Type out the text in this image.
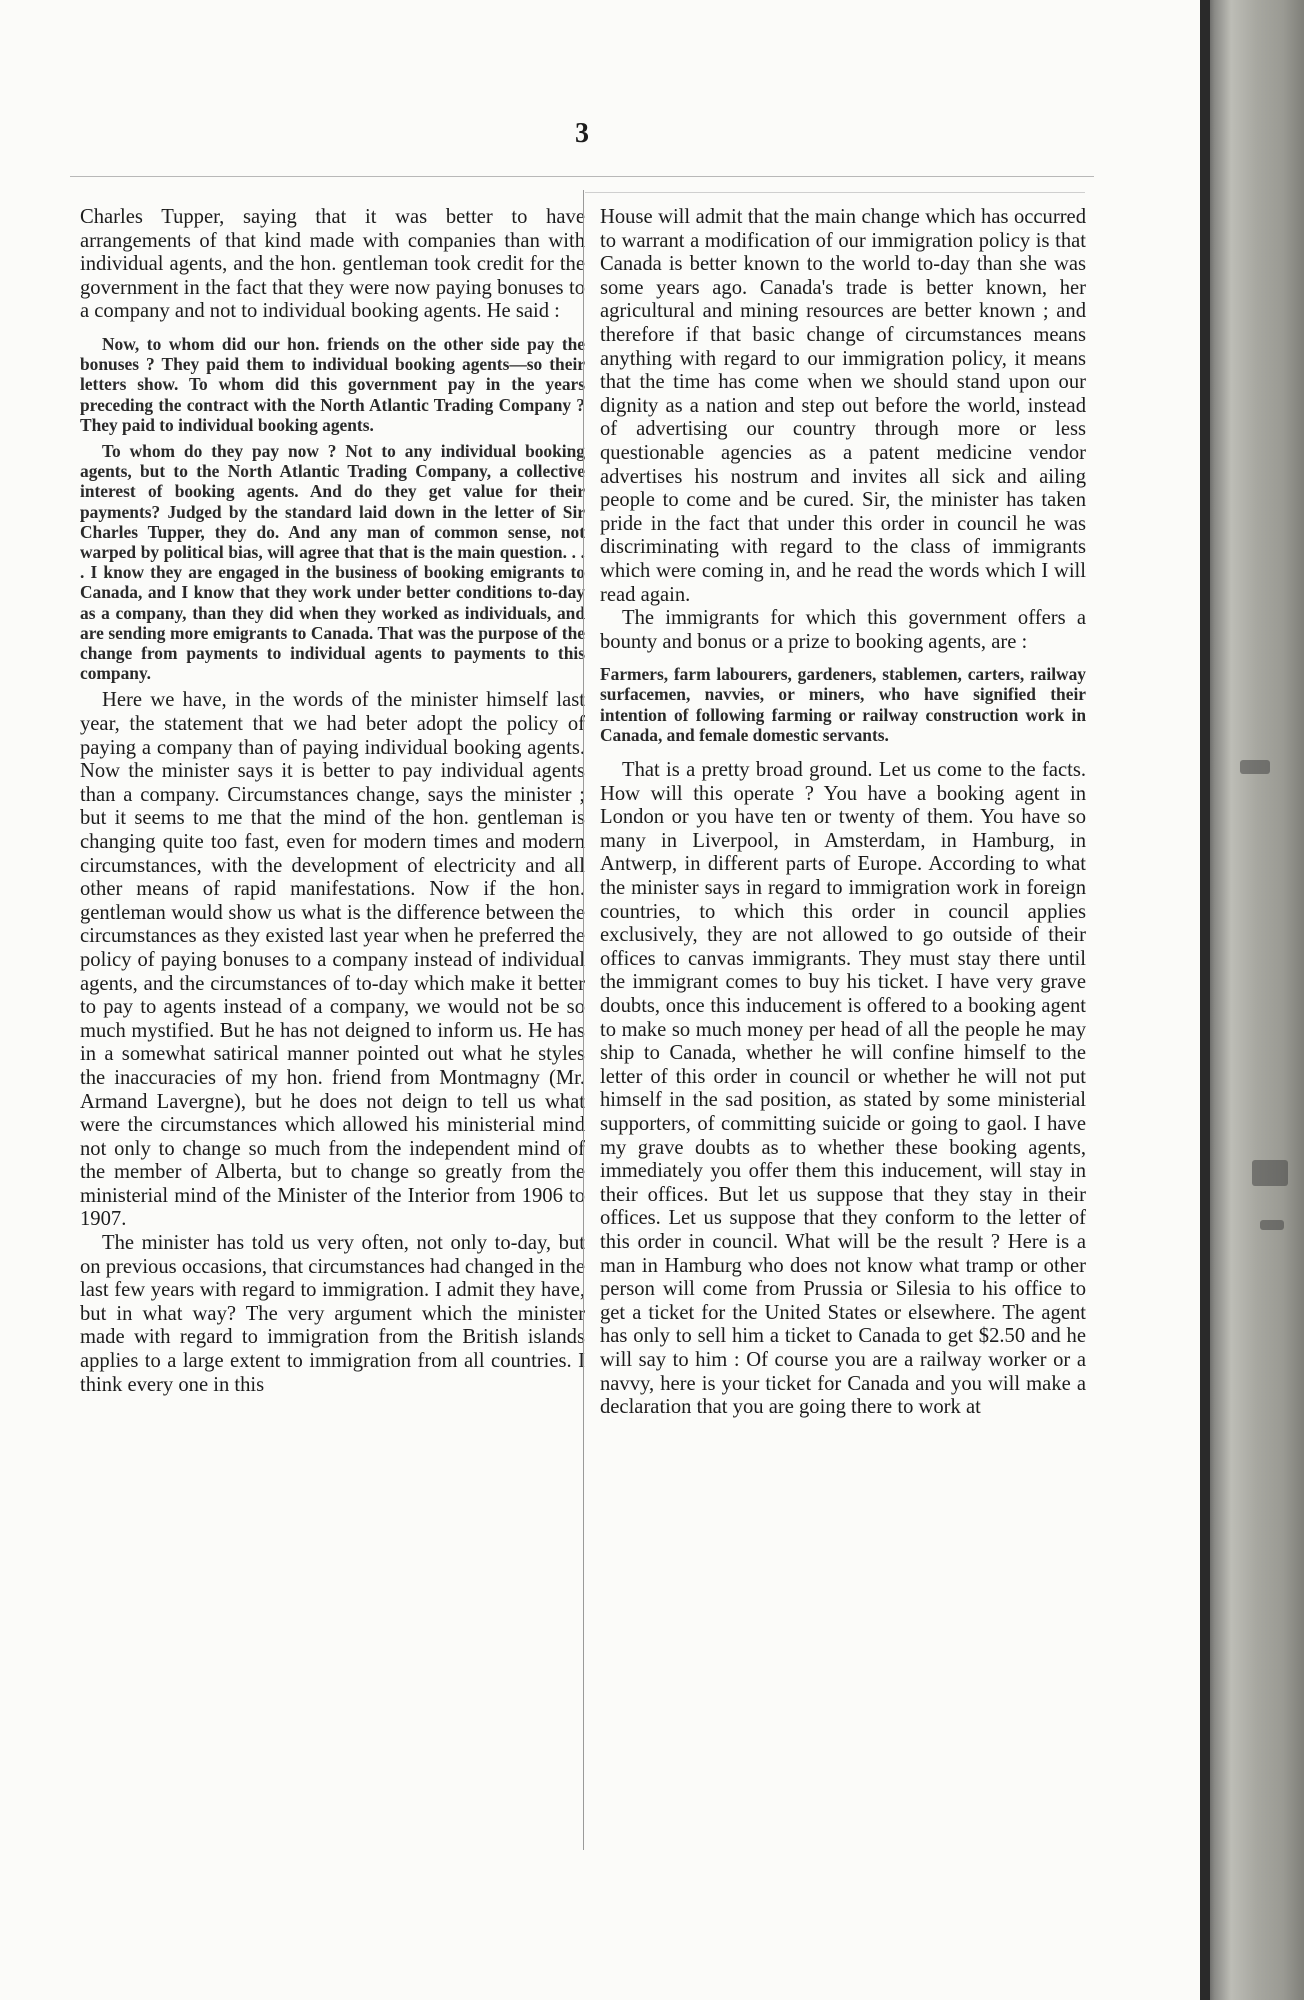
3

Charles Tupper, saying that it was better to have arrangements of that kind made with companies than with individual agents, and the hon. gentleman took credit for the government in the fact that they were now paying bonuses to a company and not to individual booking agents. He said :

Now, to whom did our hon. friends on the other side pay the bonuses ? They paid them to individual booking agents—so their letters show. To whom did this government pay in the years preceding the contract with the North Atlantic Trading Company ? They paid to individual booking agents.

To whom do they pay now ? Not to any individual booking agents, but to the North Atlantic Trading Company, a collective interest of booking agents. And do they get value for their payments? Judged by the standard laid down in the letter of Sir Charles Tupper, they do. And any man of common sense, not warped by political bias, will agree that that is the main question. . . . I know they are engaged in the business of booking emigrants to Canada, and I know that they work under better conditions to-day as a company, than they did when they worked as individuals, and are sending more emigrants to Canada. That was the purpose of the change from payments to individual agents to payments to this company.

Here we have, in the words of the minister himself last year, the statement that we had beter adopt the policy of paying a company than of paying individual booking agents. Now the minister says it is better to pay individual agents than a company. Circumstances change, says the minister ; but it seems to me that the mind of the hon. gentleman is changing quite too fast, even for modern times and modern circumstances, with the development of electricity and all other means of rapid manifestations. Now if the hon. gentleman would show us what is the difference between the circumstances as they existed last year when he preferred the policy of paying bonuses to a company instead of individual agents, and the circumstances of to-day which make it better to pay to agents instead of a company, we would not be so much mystified. But he has not deigned to inform us. He has in a somewhat satirical manner pointed out what he styles the inaccuracies of my hon. friend from Montmagny (Mr. Armand Lavergne), but he does not deign to tell us what were the circumstances which allowed his ministerial mind not only to change so much from the independent mind of the member of Alberta, but to change so greatly from the ministerial mind of the Minister of the Interior from 1906 to 1907.

The minister has told us very often, not only to-day, but on previous occasions, that circumstances had changed in the last few years with regard to immigration. I admit they have, but in what way? The very argument which the minister made with regard to immigration from the British islands applies to a large extent to immigration from all countries. I think every one in this

House will admit that the main change which has occurred to warrant a modification of our immigration policy is that Canada is better known to the world to-day than she was some years ago. Canada's trade is better known, her agricultural and mining resources are better known ; and therefore if that basic change of circumstances means anything with regard to our immigration policy, it means that the time has come when we should stand upon our dignity as a nation and step out before the world, instead of advertising our country through more or less questionable agencies as a patent medicine vendor advertises his nostrum and invites all sick and ailing people to come and be cured. Sir, the minister has taken pride in the fact that under this order in council he was discriminating with regard to the class of immigrants which were coming in, and he read the words which I will read again.

The immigrants for which this government offers a bounty and bonus or a prize to booking agents, are :

Farmers, farm labourers, gardeners, stablemen, carters, railway surfacemen, navvies, or miners, who have signified their intention of following farming or railway construction work in Canada, and female domestic servants.

That is a pretty broad ground. Let us come to the facts. How will this operate ? You have a booking agent in London or you have ten or twenty of them. You have so many in Liverpool, in Amsterdam, in Hamburg, in Antwerp, in different parts of Europe. According to what the minister says in regard to immigration work in foreign countries, to which this order in council applies exclusively, they are not allowed to go outside of their offices to canvas immigrants. They must stay there until the immigrant comes to buy his ticket. I have very grave doubts, once this inducement is offered to a booking agent to make so much money per head of all the people he may ship to Canada, whether he will confine himself to the letter of this order in council or whether he will not put himself in the sad position, as stated by some ministerial supporters, of committing suicide or going to gaol. I have my grave doubts as to whether these booking agents, immediately you offer them this inducement, will stay in their offices. But let us suppose that they stay in their offices. Let us suppose that they conform to the letter of this order in council. What will be the result ? Here is a man in Hamburg who does not know what tramp or other person will come from Prussia or Silesia to his office to get a ticket for the United States or elsewhere. The agent has only to sell him a ticket to Canada to get $2.50 and he will say to him : Of course you are a railway worker or a navvy, here is your ticket for Canada and you will make a declaration that you are going there to work at
